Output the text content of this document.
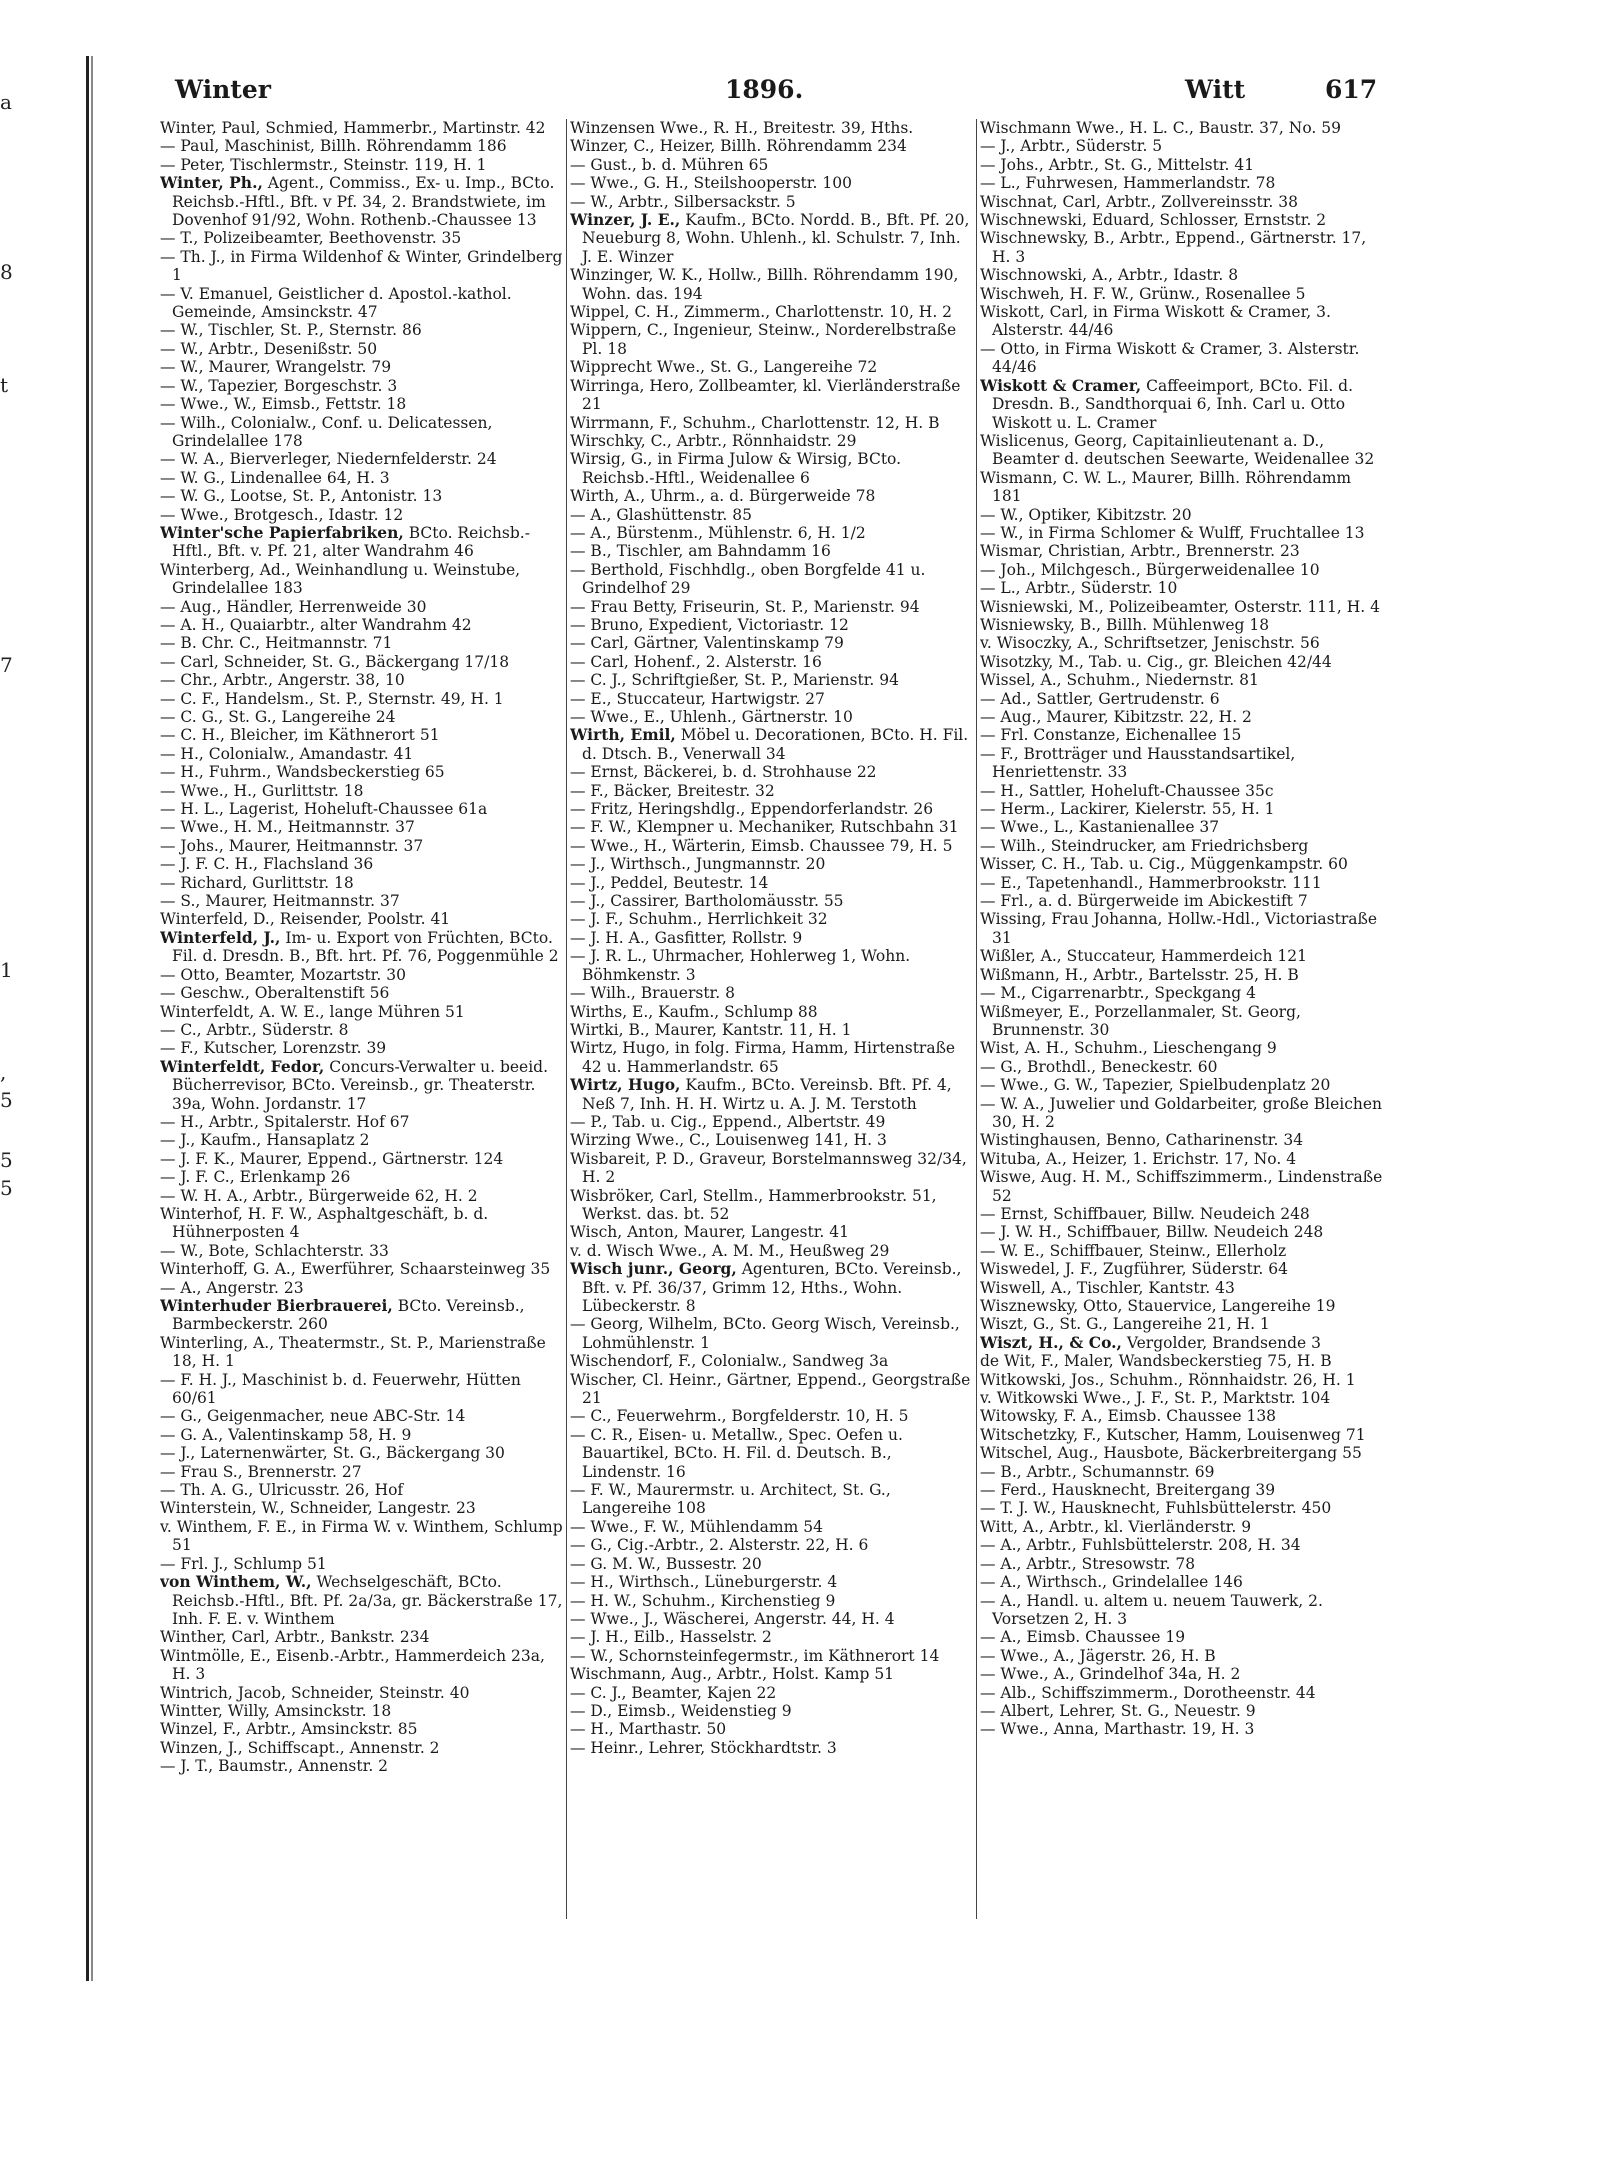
a
8
t
7
1
,
5
5
5
Winter	1896.	Witt	617

Winter, Paul, Schmied, Hammerbr., Martinstr. 42

— Paul, Maschinist, Billh. Röhrendamm 186

— Peter, Tischlermstr., Steinstr. 119, H. 1

Winter, Ph., Agent., Commiss., Ex- u. Imp., BCto. Reichsb.-Hftl., Bft. v Pf. 34, 2. Brandstwiete, im Dovenhof 91/92, Wohn. Rothenb.-Chaussee 13

— T., Polizeibeamter, Beethovenstr. 35

— Th. J., in Firma Wildenhof & Winter, Grindelberg 1

— V. Emanuel, Geistlicher d. Apostol.-kathol. Gemeinde, Amsinckstr. 47

— W., Tischler, St. P., Sternstr. 86

— W., Arbtr., Desenißstr. 50

— W., Maurer, Wrangelstr. 79

— W., Tapezier, Borgeschstr. 3

— Wwe., W., Eimsb., Fettstr. 18

— Wilh., Colonialw., Conf. u. Delicatessen, Grindelallee 178

— W. A., Bierverleger, Niedernfelderstr. 24

— W. G., Lindenallee 64, H. 3

— W. G., Lootse, St. P., Antonistr. 13

— Wwe., Brotgesch., Idastr. 12

Winter'sche Papierfabriken, BCto. Reichsb.-Hftl., Bft. v. Pf. 21, alter Wandrahm 46

Winterberg, Ad., Weinhandlung u. Weinstube, Grindelallee 183

— Aug., Händler, Herrenweide 30

— A. H., Quaiarbtr., alter Wandrahm 42

— B. Chr. C., Heitmannstr. 71

— Carl, Schneider, St. G., Bäckergang 17/18

— Chr., Arbtr., Angerstr. 38, 10

— C. F., Handelsm., St. P., Sternstr. 49, H. 1

— C. G., St. G., Langereihe 24

— C. H., Bleicher, im Käthnerort 51

— H., Colonialw., Amandastr. 41

— H., Fuhrm., Wandsbeckerstieg 65

— Wwe., H., Gurlittstr. 18

— H. L., Lagerist, Hoheluft-Chaussee 61a

— Wwe., H. M., Heitmannstr. 37

— Johs., Maurer, Heitmannstr. 37

— J. F. C. H., Flachsland 36

— Richard, Gurlittstr. 18

— S., Maurer, Heitmannstr. 37

Winterfeld, D., Reisender, Poolstr. 41

Winterfeld, J., Im- u. Export von Früchten, BCto. Fil. d. Dresdn. B., Bft. hrt. Pf. 76, Poggenmühle 2

— Otto, Beamter, Mozartstr. 30

— Geschw., Oberaltenstift 56

Winterfeldt, A. W. E., lange Mühren 51

— C., Arbtr., Süderstr. 8

— F., Kutscher, Lorenzstr. 39

Winterfeldt, Fedor, Concurs-Verwalter u. beeid. Bücherrevisor, BCto. Vereinsb., gr. Theaterstr. 39a, Wohn. Jordanstr. 17

— H., Arbtr., Spitalerstr. Hof 67

— J., Kaufm., Hansaplatz 2

— J. F. K., Maurer, Eppend., Gärtnerstr. 124

— J. F. C., Erlenkamp 26

— W. H. A., Arbtr., Bürgerweide 62, H. 2

Winterhof, H. F. W., Asphaltgeschäft, b. d. Hühnerposten 4

— W., Bote, Schlachterstr. 33

Winterhoff, G. A., Ewerführer, Schaarsteinweg 35

— A., Angerstr. 23

Winterhuder Bierbrauerei, BCto. Vereinsb., Barmbeckerstr. 260

Winterling, A., Theatermstr., St. P., Marienstraße 18, H. 1

— F. H. J., Maschinist b. d. Feuerwehr, Hütten 60/61

— G., Geigenmacher, neue ABC-Str. 14

— G. A., Valentinskamp 58, H. 9

— J., Laternenwärter, St. G., Bäckergang 30

— Frau S., Brennerstr. 27

— Th. A. G., Ulricusstr. 26, Hof

Winterstein, W., Schneider, Langestr. 23

v. Winthem, F. E., in Firma W. v. Winthem, Schlump 51

— Frl. J., Schlump 51

von Winthem, W., Wechselgeschäft, BCto. Reichsb.-Hftl., Bft. Pf. 2a/3a, gr. Bäckerstraße 17, Inh. F. E. v. Winthem

Winther, Carl, Arbtr., Bankstr. 234

Wintmölle, E., Eisenb.-Arbtr., Hammerdeich 23a, H. 3

Wintrich, Jacob, Schneider, Steinstr. 40

Wintter, Willy, Amsinckstr. 18

Winzel, F., Arbtr., Amsinckstr. 85

Winzen, J., Schiffscapt., Annenstr. 2

— J. T., Baumstr., Annenstr. 2

Winzensen Wwe., R. H., Breitestr. 39, Hths.

Winzer, C., Heizer, Billh. Röhrendamm 234

— Gust., b. d. Mühren 65

— Wwe., G. H., Steilshooperstr. 100

— W., Arbtr., Silbersackstr. 5

Winzer, J. E., Kaufm., BCto. Nordd. B., Bft. Pf. 20, Neueburg 8, Wohn. Uhlenh., kl. Schulstr. 7, Inh. J. E. Winzer

Winzinger, W. K., Hollw., Billh. Röhrendamm 190, Wohn. das. 194

Wippel, C. H., Zimmerm., Charlottenstr. 10, H. 2

Wippern, C., Ingenieur, Steinw., Norderelbstraße Pl. 18

Wipprecht Wwe., St. G., Langereihe 72

Wirringa, Hero, Zollbeamter, kl. Vierländerstraße 21

Wirrmann, F., Schuhm., Charlottenstr. 12, H. B

Wirschky, C., Arbtr., Rönnhaidstr. 29

Wirsig, G., in Firma Julow & Wirsig, BCto. Reichsb.-Hftl., Weidenallee 6

Wirth, A., Uhrm., a. d. Bürgerweide 78

— A., Glashüttenstr. 85

— A., Bürstenm., Mühlenstr. 6, H. 1/2

— B., Tischler, am Bahndamm 16

— Berthold, Fischhdlg., oben Borgfelde 41 u. Grindelhof 29

— Frau Betty, Friseurin, St. P., Marienstr. 94

— Bruno, Expedient, Victoriastr. 12

— Carl, Gärtner, Valentinskamp 79

— Carl, Hohenf., 2. Alsterstr. 16

— C. J., Schriftgießer, St. P., Marienstr. 94

— E., Stuccateur, Hartwigstr. 27

— Wwe., E., Uhlenh., Gärtnerstr. 10

Wirth, Emil, Möbel u. Decorationen, BCto. H. Fil. d. Dtsch. B., Venerwall 34

— Ernst, Bäckerei, b. d. Strohhause 22

— F., Bäcker, Breitestr. 32

— Fritz, Heringshdlg., Eppendorferlandstr. 26

— F. W., Klempner u. Mechaniker, Rutschbahn 31

— Wwe., H., Wärterin, Eimsb. Chaussee 79, H. 5

— J., Wirthsch., Jungmannstr. 20

— J., Peddel, Beutestr. 14

— J., Cassirer, Bartholomäusstr. 55

— J. F., Schuhm., Herrlichkeit 32

— J. H. A., Gasfitter, Rollstr. 9

— J. R. L., Uhrmacher, Hohlerweg 1, Wohn. Böhmkenstr. 3

— Wilh., Brauerstr. 8

Wirths, E., Kaufm., Schlump 88

Wirtki, B., Maurer, Kantstr. 11, H. 1

Wirtz, Hugo, in folg. Firma, Hamm, Hirtenstraße 42 u. Hammerlandstr. 65

Wirtz, Hugo, Kaufm., BCto. Vereinsb. Bft. Pf. 4, Neß 7, Inh. H. H. Wirtz u. A. J. M. Terstoth

— P., Tab. u. Cig., Eppend., Albertstr. 49

Wirzing Wwe., C., Louisenweg 141, H. 3

Wisbareit, P. D., Graveur, Borstelmannsweg 32/34, H. 2

Wisbröker, Carl, Stellm., Hammerbrookstr. 51, Werkst. das. bt. 52

Wisch, Anton, Maurer, Langestr. 41

v. d. Wisch Wwe., A. M. M., Heußweg 29

Wisch junr., Georg, Agenturen, BCto. Vereinsb., Bft. v. Pf. 36/37, Grimm 12, Hths., Wohn. Lübeckerstr. 8

— Georg, Wilhelm, BCto. Georg Wisch, Vereinsb., Lohmühlenstr. 1

Wischendorf, F., Colonialw., Sandweg 3a

Wischer, Cl. Heinr., Gärtner, Eppend., Georgstraße 21

— C., Feuerwehrm., Borgfelderstr. 10, H. 5

— C. R., Eisen- u. Metallw., Spec. Oefen u. Bauartikel, BCto. H. Fil. d. Deutsch. B., Lindenstr. 16

— F. W., Maurermstr. u. Architect, St. G., Langereihe 108

— Wwe., F. W., Mühlendamm 54

— G., Cig.-Arbtr., 2. Alsterstr. 22, H. 6

— G. M. W., Bussestr. 20

— H., Wirthsch., Lüneburgerstr. 4

— H. W., Schuhm., Kirchenstieg 9

— Wwe., J., Wäscherei, Angerstr. 44, H. 4

— J. H., Eilb., Hasselstr. 2

— W., Schornsteinfegermstr., im Käthnerort 14

Wischmann, Aug., Arbtr., Holst. Kamp 51

— C. J., Beamter, Kajen 22

— D., Eimsb., Weidenstieg 9

— H., Marthastr. 50

— Heinr., Lehrer, Stöckhardtstr. 3

Wischmann Wwe., H. L. C., Baustr. 37, No. 59

— J., Arbtr., Süderstr. 5

— Johs., Arbtr., St. G., Mittelstr. 41

— L., Fuhrwesen, Hammerlandstr. 78

Wischnat, Carl, Arbtr., Zollvereinsstr. 38

Wischnewski, Eduard, Schlosser, Ernststr. 2

Wischnewsky, B., Arbtr., Eppend., Gärtnerstr. 17, H. 3

Wischnowski, A., Arbtr., Idastr. 8

Wischweh, H. F. W., Grünw., Rosenallee 5

Wiskott, Carl, in Firma Wiskott & Cramer, 3. Alsterstr. 44/46

— Otto, in Firma Wiskott & Cramer, 3. Alsterstr. 44/46

Wiskott & Cramer, Caffeeimport, BCto. Fil. d. Dresdn. B., Sandthorquai 6, Inh. Carl u. Otto Wiskott u. L. Cramer

Wislicenus, Georg, Capitainlieutenant a. D., Beamter d. deutschen Seewarte, Weidenallee 32

Wismann, C. W. L., Maurer, Billh. Röhrendamm 181

— W., Optiker, Kibitzstr. 20

— W., in Firma Schlomer & Wulff, Fruchtallee 13

Wismar, Christian, Arbtr., Brennerstr. 23

— Joh., Milchgesch., Bürgerweidenallee 10

— L., Arbtr., Süderstr. 10

Wisniewski, M., Polizeibeamter, Osterstr. 111, H. 4

Wisniewsky, B., Billh. Mühlenweg 18

v. Wisoczky, A., Schriftsetzer, Jenischstr. 56

Wisotzky, M., Tab. u. Cig., gr. Bleichen 42/44

Wissel, A., Schuhm., Niedernstr. 81

— Ad., Sattler, Gertrudenstr. 6

— Aug., Maurer, Kibitzstr. 22, H. 2

— Frl. Constanze, Eichenallee 15

— F., Brotträger und Hausstandsartikel, Henriettenstr. 33

— H., Sattler, Hoheluft-Chaussee 35c

— Herm., Lackirer, Kielerstr. 55, H. 1

— Wwe., L., Kastanienallee 37

— Wilh., Steindrucker, am Friedrichsberg

Wisser, C. H., Tab. u. Cig., Müggenkampstr. 60

— E., Tapetenhandl., Hammerbrookstr. 111

— Frl., a. d. Bürgerweide im Abickestift 7

Wissing, Frau Johanna, Hollw.-Hdl., Victoriastraße 31

Wißler, A., Stuccateur, Hammerdeich 121

Wißmann, H., Arbtr., Bartelsstr. 25, H. B

— M., Cigarrenarbtr., Speckgang 4

Wißmeyer, E., Porzellanmaler, St. Georg, Brunnenstr. 30

Wist, A. H., Schuhm., Lieschengang 9

— G., Brothdl., Beneckestr. 60

— Wwe., G. W., Tapezier, Spielbudenplatz 20

— W. A., Juwelier und Goldarbeiter, große Bleichen 30, H. 2

Wistinghausen, Benno, Catharinenstr. 34

Wituba, A., Heizer, 1. Erichstr. 17, No. 4

Wiswe, Aug. H. M., Schiffszimmerm., Lindenstraße 52

— Ernst, Schiffbauer, Billw. Neudeich 248

— J. W. H., Schiffbauer, Billw. Neudeich 248

— W. E., Schiffbauer, Steinw., Ellerholz

Wiswedel, J. F., Zugführer, Süderstr. 64

Wiswell, A., Tischler, Kantstr. 43

Wisznewsky, Otto, Stauervice, Langereihe 19

Wiszt, G., St. G., Langereihe 21, H. 1

Wiszt, H., & Co., Vergolder, Brandsende 3

de Wit, F., Maler, Wandsbeckerstieg 75, H. B

Witkowski, Jos., Schuhm., Rönnhaidstr. 26, H. 1

v. Witkowski Wwe., J. F., St. P., Marktstr. 104

Witowsky, F. A., Eimsb. Chaussee 138

Witschetzky, F., Kutscher, Hamm, Louisenweg 71

Witschel, Aug., Hausbote, Bäckerbreitergang 55

— B., Arbtr., Schumannstr. 69

— Ferd., Hausknecht, Breitergang 39

— T. J. W., Hausknecht, Fuhlsbüttelerstr. 450

Witt, A., Arbtr., kl. Vierländerstr. 9

— A., Arbtr., Fuhlsbüttelerstr. 208, H. 34

— A., Arbtr., Stresowstr. 78

— A., Wirthsch., Grindelallee 146

— A., Handl. u. altem u. neuem Tauwerk, 2. Vorsetzen 2, H. 3

— A., Eimsb. Chaussee 19

— Wwe., A., Jägerstr. 26, H. B

— Wwe., A., Grindelhof 34a, H. 2

— Alb., Schiffszimmerm., Dorotheenstr. 44

— Albert, Lehrer, St. G., Neuestr. 9

— Wwe., Anna, Marthastr. 19, H. 3
